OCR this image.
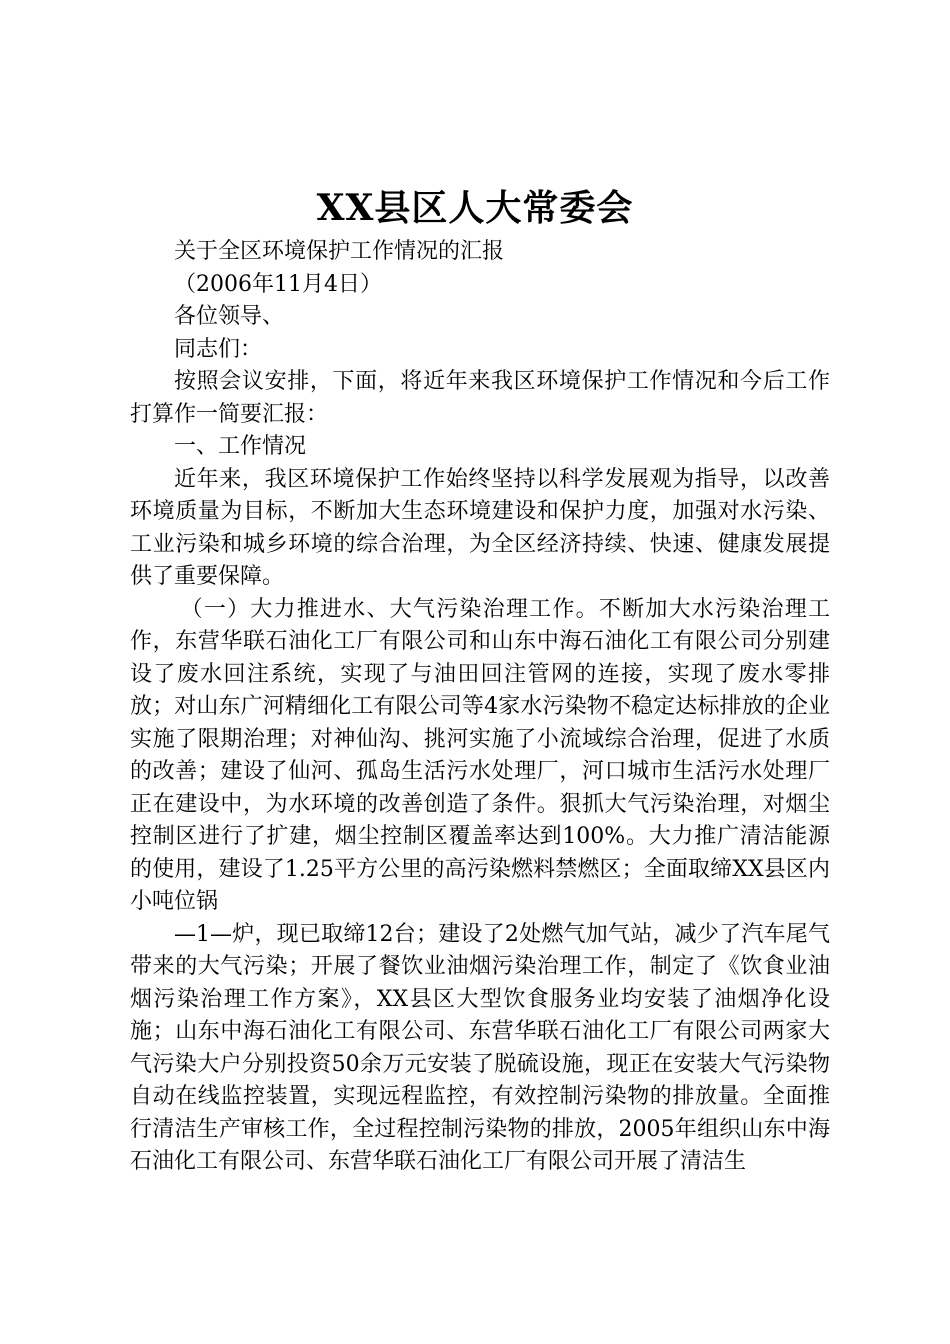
XX县区人大常委会

关于全区环境保护工作情况的汇报

（2006年11月4日）

各位领导、

同志们：

按照会议安排，下面，将近年来我区环境保护工作情况和今后工作打算作一简要汇报：

一、工作情况

近年来，我区环境保护工作始终坚持以科学发展观为指导，以改善环境质量为目标，不断加大生态环境建设和保护力度，加强对水污染、工业污染和城乡环境的综合治理，为全区经济持续、快速、健康发展提供了重要保障。

（一）大力推进水、大气污染治理工作。不断加大水污染治理工作，东营华联石油化工厂有限公司和山东中海石油化工有限公司分别建设了废水回注系统，实现了与油田回注管网的连接，实现了废水零排放；对山东广河精细化工有限公司等4家水污染物不稳定达标排放的企业实施了限期治理；对神仙沟、挑河实施了小流域综合治理，促进了水质的改善；建设了仙河、孤岛生活污水处理厂，河口城市生活污水处理厂正在建设中，为水环境的改善创造了条件。狠抓大气污染治理，对烟尘控制区进行了扩建，烟尘控制区覆盖率达到100%。大力推广清洁能源的使用，建设了1.25平方公里的高污染燃料禁燃区；全面取缔XX县区内小吨位锅

—1—炉，现已取缔12台；建设了2处燃气加气站，减少了汽车尾气带来的大气污染；开展了餐饮业油烟污染治理工作，制定了《饮食业油烟污染治理工作方案》，XX县区大型饮食服务业均安装了油烟净化设施；山东中海石油化工有限公司、东营华联石油化工厂有限公司两家大气污染大户分别投资50余万元安装了脱硫设施，现正在安装大气污染物自动在线监控装置，实现远程监控，有效控制污染物的排放量。全面推行清洁生产审核工作，全过程控制污染物的排放，2005年组织山东中海石油化工有限公司、东营华联石油化工厂有限公司开展了清洁生
